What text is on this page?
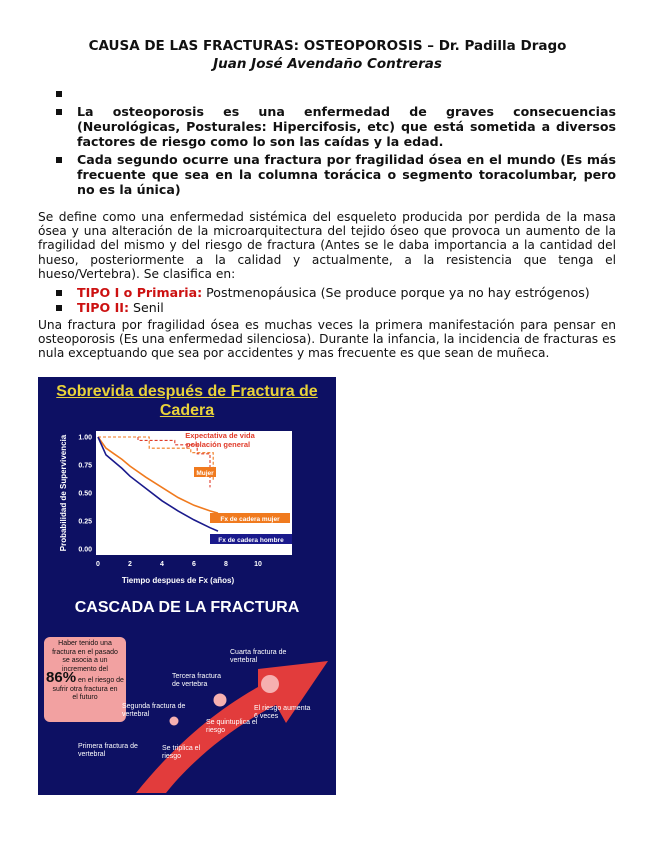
CAUSA DE LAS FRACTURAS: OSTEOPOROSIS – Dr. Padilla Drago
Juan José Avendaño Contreras
La osteoporosis es una enfermedad de graves consecuencias (Neurológicas, Posturales: Hipercifosis, etc) que está sometida a diversos factores de riesgo como lo son las caídas y la edad.
Cada segundo ocurre una fractura por fragilidad ósea en el mundo (Es más frecuente que sea en la columna torácica o segmento toracolumbar, pero no es la única)

Se define como una enfermedad sistémica del esqueleto producida por perdida de la masa ósea y una alteración de la microarquitectura del tejido óseo que provoca un aumento de la fragilidad del mismo y del riesgo de fractura (Antes se le daba importancia a la cantidad del hueso, posteriormente a la calidad y actualmente, a la resistencia que tenga el hueso/Vertebra). Se clasifica en:

TIPO I o Primaria: Postmenopáusica (Se produce porque ya no hay estrógenos)
TIPO II: Senil

Una fractura por fragilidad ósea es muchas veces la primera manifestación para pensar en osteoporosis (Es una enfermedad silenciosa). Durante la infancia, la incidencia de fracturas es nula exceptuando que sea por accidentes y mas frecuente es que sean de muñeca.

Sobrevida después de Fractura de
Cadera
0.00
0.25
0.50
0.75
1.00
0	2	4	6	8	10
Probabilidad de Supervivencia
Tiempo despues de Fx (años)
Expectativa de vida
población general
Mujer
Fx de cadera mujer
Fx de cadera hombre
CASCADA DE LA FRACTURA
Haber tenido una
fractura en el pasado
se asocia a un
incremento del
86% en el riesgo de
sufrir otra fractura en
el futuro
Primera fractura de vertebral
Segunda fractura de vertebral
Tercera fractura de vertebra
Cuarta fractura de vertebral
Se triplica el riesgo
Se quintuplica el riesgo
El riesgo aumenta 6 veces
